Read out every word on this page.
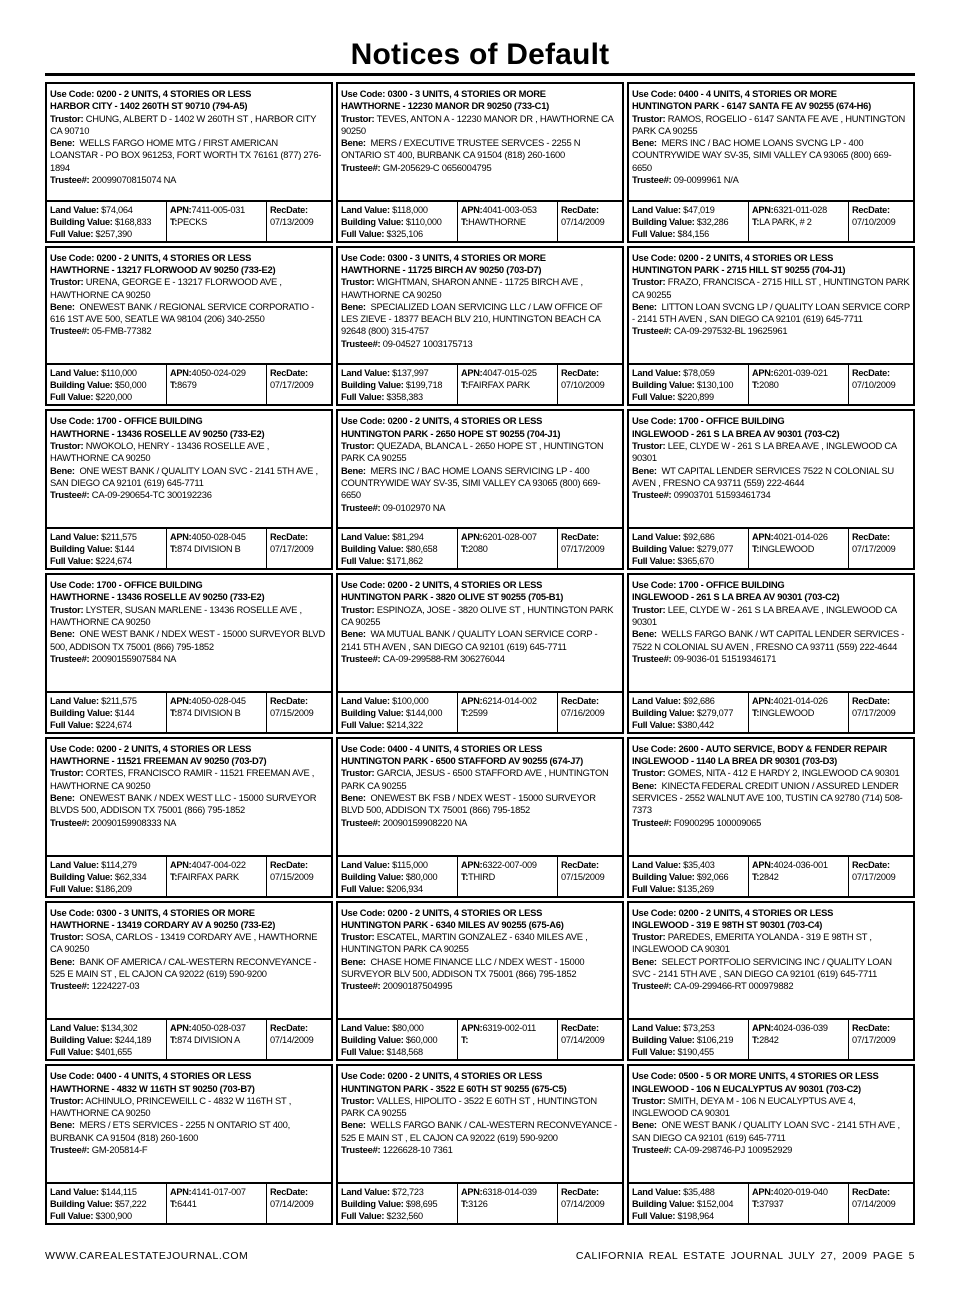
Notices of Default
Use Code: 0200 - 2 UNITS, 4 STORIES OR LESS
HARBOR CITY - 1402 260TH ST 90710 (794-A5)
Trustor: CHUNG, ALBERT D - 1402 W 260TH ST , HARBOR CITY CA 90710
Bene: WELLS FARGO HOME MTG / FIRST AMERICAN LOANSTAR - PO BOX 961253, FORT WORTH TX 76161 (877) 276-1894
Trustee#: 20099070815074 NA
Land Value: $74,064
Building Value: $168,833
Full Value: $257,390
APN:7411-005-031
T:PECKS
RecDate:
07/13/2009
Use Code: 0300 - 3 UNITS, 4 STORIES OR MORE
HAWTHORNE - 12230 MANOR DR 90250 (733-C1)
Trustor: TEVES, ANTON A - 12230 MANOR DR , HAWTHORNE CA 90250
Bene: MERS / EXECUTIVE TRUSTEE SERVCES - 2255 N ONTARIO ST 400, BURBANK CA 91504 (818) 260-1600
Trustee#: GM-205629-C 0656004795
Land Value: $118,000
Building Value: $110,000
Full Value: $325,106
APN:4041-003-053
T:HAWTHORNE
RecDate:
07/14/2009
Use Code: 0400 - 4 UNITS, 4 STORIES OR MORE
HUNTINGTON PARK - 6147 SANTA FE AV 90255 (674-H6)
Trustor: RAMOS, ROGELIO - 6147 SANTA FE AVE , HUNTINGTON PARK CA 90255
Bene: MERS INC / BAC HOME LOANS SVCNG LP - 400 COUNTRYWIDE WAY SV-35, SIMI VALLEY CA 93065 (800) 669-6650
Trustee#: 09-0099961 N/A
Land Value: $47,019
Building Value: $32,286
Full Value: $84,156
APN:6321-011-028
T:LA PARK, # 2
RecDate:
07/10/2009
Use Code: 0200 - 2 UNITS, 4 STORIES OR LESS
HAWTHORNE - 13217 FLORWOOD AV 90250 (733-E2)
Trustor: URENA, GEORGE E - 13217 FLORWOOD AVE , HAWTHORNE CA 90250
Bene: ONEWEST BANK / REGIONAL SERVICE CORPORATIO - 616 1ST AVE 500, SEATLE WA 98104 (206) 340-2550
Trustee#: 05-FMB-77382
Land Value: $110,000
Building Value: $50,000
Full Value: $220,000
APN:4050-024-029
T:8679
RecDate:
07/17/2009
Use Code: 0300 - 3 UNITS, 4 STORIES OR MORE
HAWTHORNE - 11725 BIRCH AV 90250 (703-D7)
Trustor: WIGHTMAN, SHARON ANNE - 11725 BIRCH AVE , HAWTHORNE CA 90250
Bene: SPECIALIZED LOAN SERVICING LLC / LAW OFFICE OF LES ZIEVE - 18377 BEACH BLV 210, HUNTINGTON BEACH CA 92648 (800) 315-4757
Trustee#: 09-04527 1003175713
Land Value: $137,997
Building Value: $199,718
Full Value: $358,383
APN:4047-015-025
T:FAIRFAX PARK
RecDate:
07/10/2009
Use Code: 0200 - 2 UNITS, 4 STORIES OR LESS
HUNTINGTON PARK - 2715 HILL ST 90255 (704-J1)
Trustor: FRAZO, FRANCISCA - 2715 HILL ST , HUNTINGTON PARK CA 90255
Bene: LITTON LOAN SVCNG LP / QUALITY LOAN SERVICE CORP - 2141 5TH AVEN , SAN DIEGO CA 92101 (619) 645-7711
Trustee#: CA-09-297532-BL 19625961
Land Value: $78,059
Building Value: $130,100
Full Value: $220,899
APN:6201-039-021
T:2080
RecDate:
07/10/2009
Use Code: 1700 - OFFICE BUILDING
HAWTHORNE - 13436 ROSELLE AV 90250 (733-E2)
Trustor: NWOKOLO, HENRY - 13436 ROSELLE AVE , HAWTHORNE CA 90250
Bene: ONE WEST BANK / QUALITY LOAN SVC - 2141 5TH AVE , SAN DIEGO CA 92101 (619) 645-7711
Trustee#: CA-09-290654-TC 300192236
Land Value: $211,575
Building Value: $144
Full Value: $224,674
APN:4050-028-045
T:874 DIVISION B
RecDate:
07/17/2009
Use Code: 0200 - 2 UNITS, 4 STORIES OR LESS
HUNTINGTON PARK - 2650 HOPE ST 90255 (704-J1)
Trustor: QUEZADA, BLANCA L - 2650 HOPE ST , HUNTINGTON PARK CA 90255
Bene: MERS INC / BAC HOME LOANS SERVICING LP - 400 COUNTRYWIDE WAY SV-35, SIMI VALLEY CA 93065 (800) 669-6650
Trustee#: 09-0102970 NA
Land Value: $81,294
Building Value: $80,658
Full Value: $171,862
APN:6201-028-007
T:2080
RecDate:
07/17/2009
Use Code: 1700 - OFFICE BUILDING
INGLEWOOD - 261 S LA BREA AV 90301 (703-C2)
Trustor: LEE, CLYDE W - 261 S LA BREA AVE , INGLEWOOD CA 90301
Bene: WT CAPITAL LENDER SERVICES 7522 N COLONIAL SU AVEN , FRESNO CA 93711 (559) 222-4644
Trustee#: 09903701 51593461734
Land Value: $92,686
Building Value: $279,077
Full Value: $365,670
APN:4021-014-026
T:INGLEWOOD
RecDate:
07/17/2009
Use Code: 1700 - OFFICE BUILDING
HAWTHORNE - 13436 ROSELLE AV 90250 (733-E2)
Trustor: LYSTER, SUSAN MARLENE - 13436 ROSELLE AVE , HAWTHORNE CA 90250
Bene: ONE WEST BANK / NDEX WEST - 15000 SURVEYOR BLVD 500, ADDISON TX 75001 (866) 795-1852
Trustee#: 20090155907584 NA
Land Value: $211,575
Building Value: $144
Full Value: $224,674
APN:4050-028-045
T:874 DIVISION B
RecDate:
07/15/2009
Use Code: 0200 - 2 UNITS, 4 STORIES OR LESS
HUNTINGTON PARK - 3820 OLIVE ST 90255 (705-B1)
Trustor: ESPINOZA, JOSE - 3820 OLIVE ST , HUNTINGTON PARK CA 90255
Bene: WA MUTUAL BANK / QUALITY LOAN SERVICE CORP - 2141 5TH AVEN , SAN DIEGO CA 92101 (619) 645-7711
Trustee#: CA-09-299588-RM 306276044
Land Value: $100,000
Building Value: $144,000
Full Value: $214,322
APN:6214-014-002
T:2599
RecDate:
07/16/2009
Use Code: 1700 - OFFICE BUILDING
INGLEWOOD - 261 S LA BREA AV 90301 (703-C2)
Trustor: LEE, CLYDE W - 261 S LA BREA AVE , INGLEWOOD CA 90301
Bene: WELLS FARGO BANK / WT CAPITAL LENDER SERVICES - 7522 N COLONIAL SU AVEN , FRESNO CA 93711 (559) 222-4644
Trustee#: 09-9036-01 51519346171
Land Value: $92,686
Building Value: $279,077
Full Value: $380,442
APN:4021-014-026
T:INGLEWOOD
RecDate:
07/17/2009
Use Code: 0200 - 2 UNITS, 4 STORIES OR LESS
HAWTHORNE - 11521 FREEMAN AV 90250 (703-D7)
Trustor: CORTES, FRANCISCO RAMIR - 11521 FREEMAN AVE , HAWTHORNE CA 90250
Bene: ONEWEST BANK / NDEX WEST LLC - 15000 SURVEYOR BLVDS 500, ADDISON TX 75001 (866) 795-1852
Trustee#: 20090159908333 NA
Land Value: $114,279
Building Value: $62,334
Full Value: $186,209
APN:4047-004-022
T:FAIRFAX PARK
RecDate:
07/15/2009
Use Code: 0400 - 4 UNITS, 4 STORIES OR LESS
HUNTINGTON PARK - 6500 STAFFORD AV 90255 (674-J7)
Trustor: GARCIA, JESUS - 6500 STAFFORD AVE , HUNTINGTON PARK CA 90255
Bene: ONEWEST BK FSB / NDEX WEST - 15000 SURVEYOR BLVD 500, ADDISON TX 75001 (866) 795-1852
Trustee#: 20090159908220 NA
Land Value: $115,000
Building Value: $80,000
Full Value: $206,934
APN:6322-007-009
T:THIRD
RecDate:
07/15/2009
Use Code: 2600 - AUTO SERVICE, BODY & FENDER REPAIR
INGLEWOOD - 1140 LA BREA DR 90301 (703-D3)
Trustor: GOMES, NITA - 412 E HARDY 2, INGLEWOOD CA 90301
Bene: KINECTA FEDERAL CREDIT UNION / ASSURED LENDER SERVICES - 2552 WALNUT AVE 100, TUSTIN CA 92780 (714) 508-7373
Trustee#: F0900295 100009065
Land Value: $35,403
Building Value: $92,066
Full Value: $135,269
APN:4024-036-001
T:2842
RecDate:
07/17/2009
Use Code: 0300 - 3 UNITS, 4 STORIES OR MORE
HAWTHORNE - 13419 CORDARY AV A 90250 (733-E2)
Trustor: SOSA, CARLOS - 13419 CORDARY AVE , HAWTHORNE CA 90250
Bene: BANK OF AMERICA / CAL-WESTERN RECONVEYANCE - 525 E MAIN ST , EL CAJON CA 92022 (619) 590-9200
Trustee#: 1224227-03
Land Value: $134,302
Building Value: $244,189
Full Value: $401,655
APN:4050-028-037
T:874 DIVISION A
RecDate:
07/14/2009
Use Code: 0200 - 2 UNITS, 4 STORIES OR LESS
HUNTINGTON PARK - 6340 MILES AV 90255 (675-A6)
Trustor: ESCATEL, MARTIN GONZALEZ - 6340 MILES AVE , HUNTINGTON PARK CA 90255
Bene: CHASE HOME FINANCE LLC / NDEX WEST - 15000 SURVEYOR BLV 500, ADDISON TX 75001 (866) 795-1852
Trustee#: 20090187504995
Land Value: $80,000
Building Value: $60,000
Full Value: $148,568
APN:6319-002-011
T:
RecDate:
07/14/2009
Use Code: 0200 - 2 UNITS, 4 STORIES OR LESS
INGLEWOOD - 319 E 98TH ST 90301 (703-C4)
Trustor: PAREDES, EMERITA YOLANDA - 319 E 98TH ST , INGLEWOOD CA 90301
Bene: SELECT PORTFOLIO SERVICING INC / QUALITY LOAN SVC - 2141 5TH AVE , SAN DIEGO CA 92101 (619) 645-7711
Trustee#: CA-09-299466-RT 000979882
Land Value: $73,253
Building Value: $106,219
Full Value: $190,455
APN:4024-036-039
T:2842
RecDate:
07/17/2009
Use Code: 0400 - 4 UNITS, 4 STORIES OR LESS
HAWTHORNE - 4832 W 116TH ST 90250 (703-B7)
Trustor: ACHINULO, PRINCEWEILL C - 4832 W 116TH ST , HAWTHORNE CA 90250
Bene: MERS / ETS SERVICES - 2255 N ONTARIO ST 400, BURBANK CA 91504 (818) 260-1600
Trustee#: GM-205814-F
Land Value: $144,115
Building Value: $57,222
Full Value: $300,900
APN:4141-017-007
T:6441
RecDate:
07/14/2009
Use Code: 0200 - 2 UNITS, 4 STORIES OR LESS
HUNTINGTON PARK - 3522 E 60TH ST 90255 (675-C5)
Trustor: VALLES, HIPOLITO - 3522 E 60TH ST , HUNTINGTON PARK CA 90255
Bene: WELLS FARGO BANK / CAL-WESTERN RECONVEYANCE - 525 E MAIN ST , EL CAJON CA 92022 (619) 590-9200
Trustee#: 1226628-10 7361
Land Value: $72,723
Building Value: $98,695
Full Value: $232,560
APN:6318-014-039
T:3126
RecDate:
07/14/2009
Use Code: 0500 - 5 OR MORE UNITS, 4 STORIES OR LESS
INGLEWOOD - 106 N EUCALYPTUS AV 90301 (703-C2)
Trustor: SMITH, DEYA M - 106 N EUCALYPTUS AVE 4, INGLEWOOD CA 90301
Bene: ONE WEST BANK / QUALITY LOAN SVC - 2141 5TH AVE , SAN DIEGO CA 92101 (619) 645-7711
Trustee#: CA-09-298746-PJ 100952929
Land Value: $35,488
Building Value: $152,004
Full Value: $198,964
APN:4020-019-040
T:37937
RecDate:
07/14/2009
WWW.CAREALESTATEJOURNAL.COM	CALIFORNIA REAL ESTATE JOURNAL JULY 27, 2009 PAGE 5
